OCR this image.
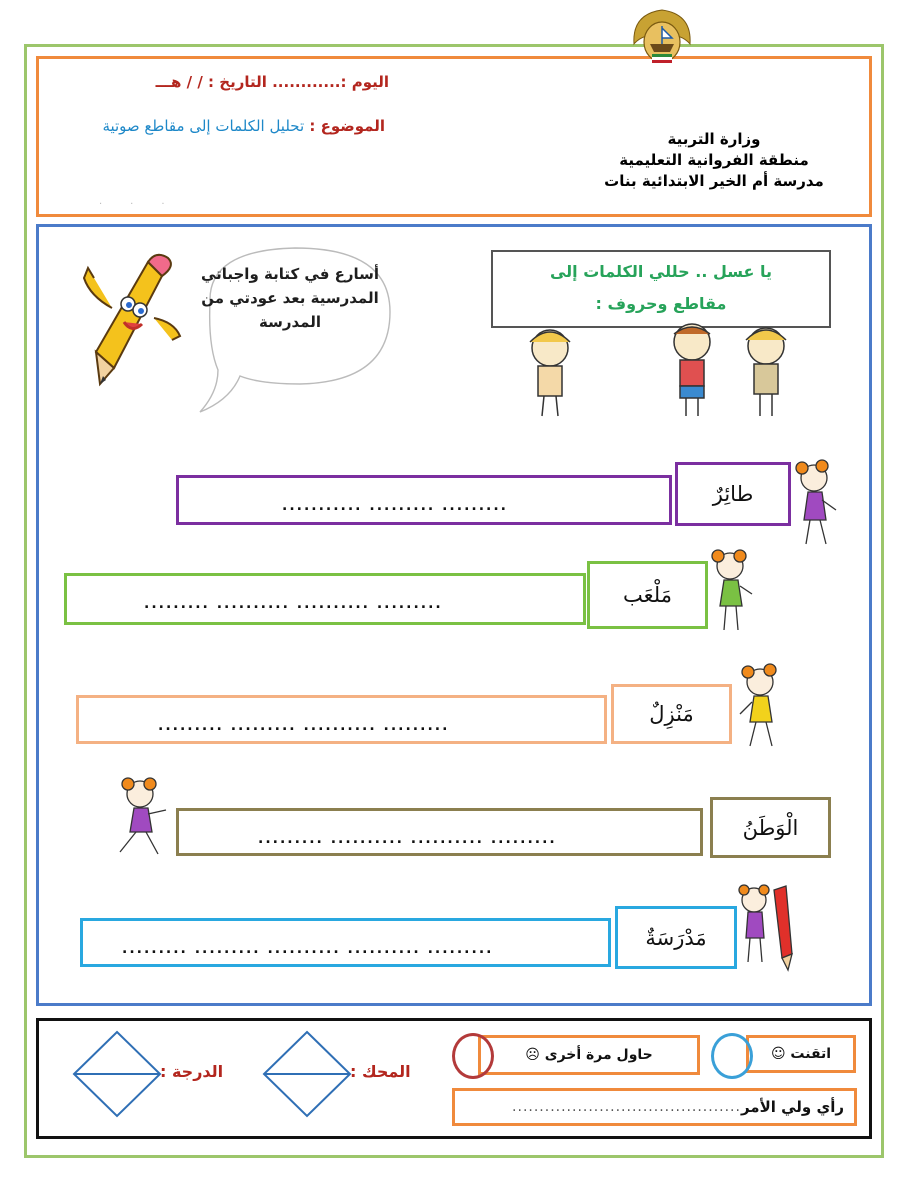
اليوم :............ التاريخ : / / هـــ
الموضوع : تحليل الكلمات إلى مقاطع صوتية
وزارة التربية
منطقة الفروانية التعليمية
مدرسة أم الخير الابتدائية بنات
···
أسارع في كتابة واجباتي
المدرسية بعد عودتي من
المدرسة
يا عسل .. حللي الكلمات إلى
مقاطع وحروف :
........... ......... .........	طائِرٌ
......... .......... .......... .........	مَلْعَب
......... ......... .......... .........	مَنْزِلٌ
......... .......... .......... .........	الْوَطَنُ
......... ......... .......... .......... .........	مَدْرَسَةٌ
اتقنت ☺
حاول مرة أخرى ☹
رأي ولي الأمر
..........................................
المحك :
الدرجة :
